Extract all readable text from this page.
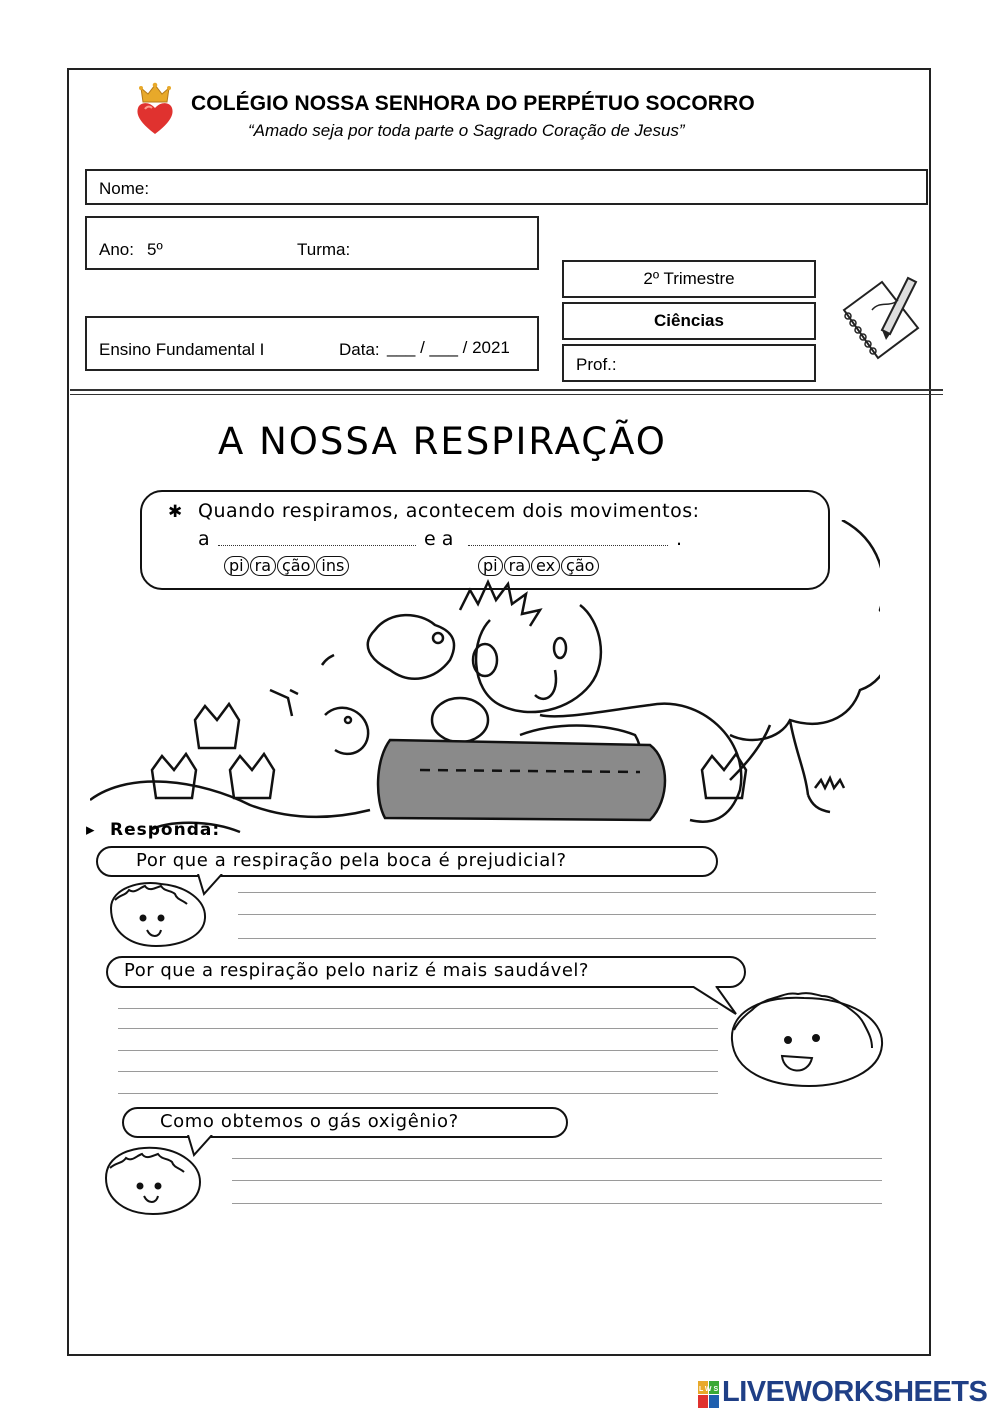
COLÉGIO NOSSA SENHORA DO PERPÉTUO SOCORRO
“Amado seja por toda parte o Sagrado Coração de Jesus”
Nome:
Ano: 5º	Turma:
Ensino Fundamental I	Data: ___ / ___ / 2021
2º Trimestre
Ciências
Prof.:
A NOSSA RESPIRAÇÃO
✱ Quando respiramos, acontecem dois movimentos:
a	e a	.
pi ra ção ins	pi ra ex ção
▸ Responda:
Por que a respiração pela boca é prejudicial?
Por que a respiração pelo nariz é mais saudável?
Como obtemos o gás oxigênio?
LWS LIVEWORKSHEETS
